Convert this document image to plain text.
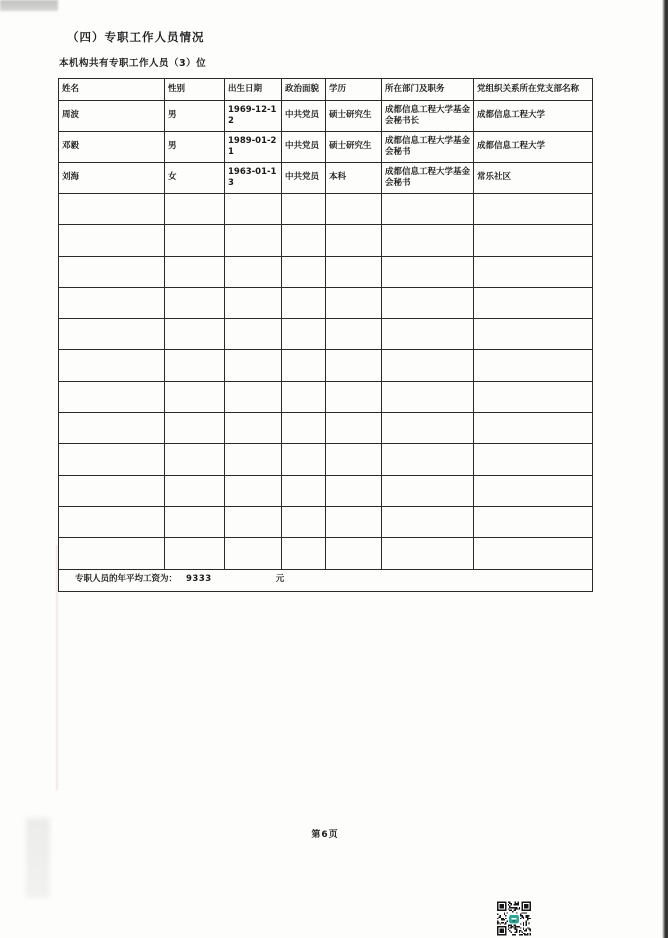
（四）专职工作人员情况
本机构共有专职工作人员（3）位
姓名	性别	出生日期	政治面貌	学历	所在部门及职务	党组织关系所在党支部名称
周波	男	1969-12-12	中共党员	硕士研究生	成都信息工程大学基金会秘书长	成都信息工程大学
邓毅	男	1989-01-21	中共党员	硕士研究生	成都信息工程大学基金会秘书	成都信息工程大学
刘海	女	1963-01-13	中共党员	本科	成都信息工程大学基金会秘书	常乐社区

专职人员的年平均工资为： 9333 元						
第6页
